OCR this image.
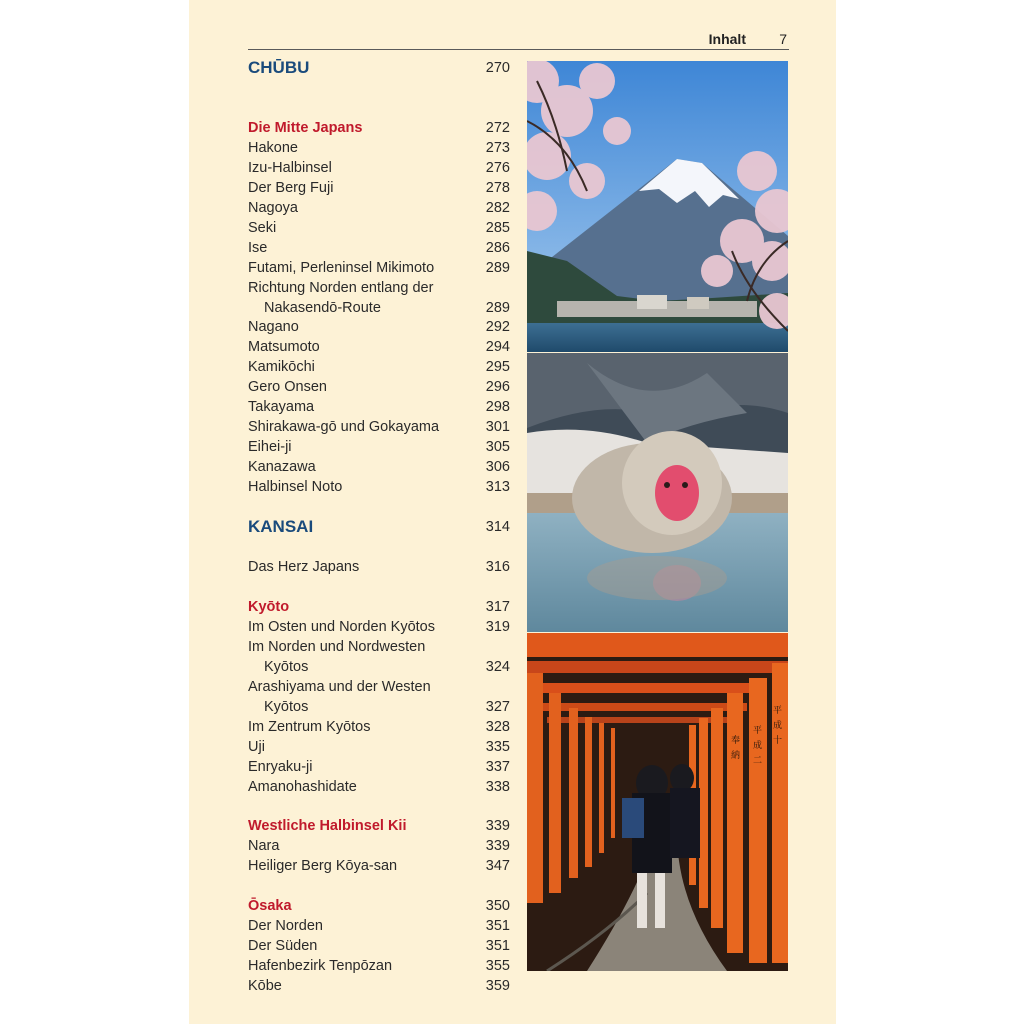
Inhalt 7
CHŪBU	270
Die Mitte Japans	272
Hakone	273
Izu-Halbinsel	276
Der Berg Fuji	278
Nagoya	282
Seki	285
Ise	286
Futami, Perleninsel Mikimoto	289
Richtung Norden entlang der
Nakasendō-Route	289
Nagano	292
Matsumoto	294
Kamikōchi	295
Gero Onsen	296
Takayama	298
Shirakawa-gō und Gokayama	301
Eihei-ji	305
Kanazawa	306
Halbinsel Noto	313
KANSAI	314
Das Herz Japans	316
Kyōto	317
Im Osten und Norden Kyōtos	319
Im Norden und Nordwesten
Kyōtos	324
Arashiyama und der Westen
Kyōtos	327
Im Zentrum Kyōtos	328
Uji	335
Enryaku-ji	337
Amanohashidate	338
Westliche Halbinsel Kii	339
Nara	339
Heiliger Berg Kōya-san	347
Ōsaka	350
Der Norden	351
Der Süden	351
Hafenbezirk Tenpōzan	355
Kōbe	359
平
成
二
平
成
十
奉
納
